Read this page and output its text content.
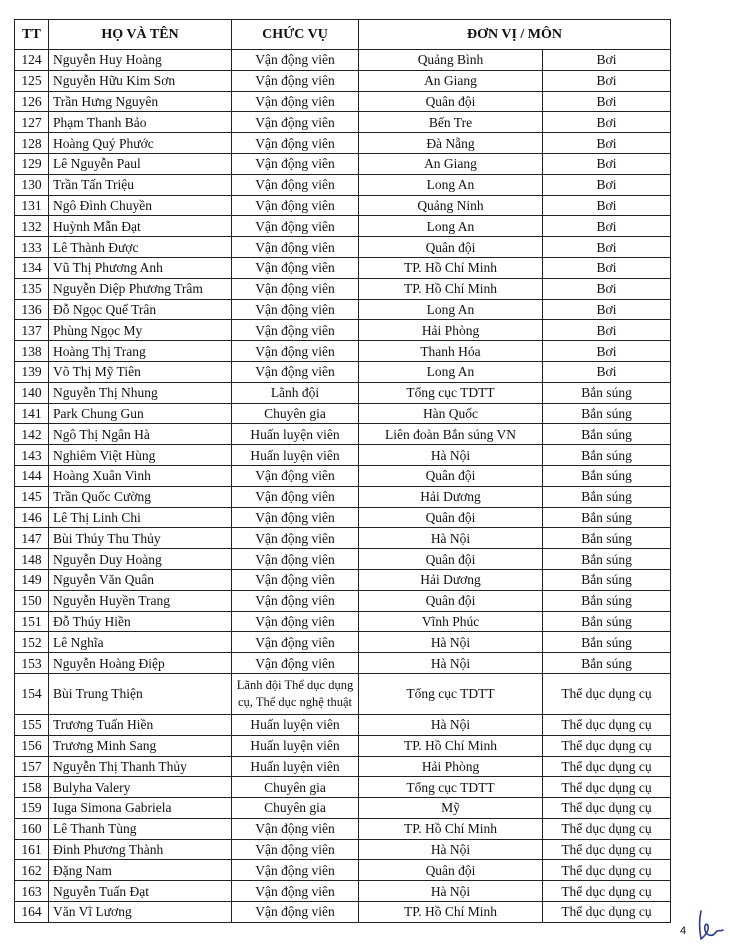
TT	HỌ VÀ TÊN	CHỨC VỤ	ĐƠN VỊ / MÔN	
124	Nguyễn Huy Hoàng	Vận động viên	Quảng Bình	Bơi
125	Nguyễn Hữu Kim Sơn	Vận động viên	An Giang	Bơi
126	Trần Hưng Nguyên	Vận động viên	Quân đội	Bơi
127	Phạm Thanh Bảo	Vận động viên	Bến Tre	Bơi
128	Hoàng Quý Phước	Vận động viên	Đà Nẵng	Bơi
129	Lê Nguyễn Paul	Vận động viên	An Giang	Bơi
130	Trần Tấn Triệu	Vận động viên	Long An	Bơi
131	Ngô Đình Chuyền	Vận động viên	Quảng Ninh	Bơi
132	Huỳnh Mẫn Đạt	Vận động viên	Long An	Bơi
133	Lê Thành Được	Vận động viên	Quân đội	Bơi
134	Vũ Thị Phương Anh	Vận động viên	TP. Hồ Chí Minh	Bơi
135	Nguyễn Diệp Phương Trâm	Vận động viên	TP. Hồ Chí Minh	Bơi
136	Đỗ Ngọc Quế Trân	Vận động viên	Long An	Bơi
137	Phùng Ngọc My	Vận động viên	Hải Phòng	Bơi
138	Hoàng Thị Trang	Vận động viên	Thanh Hóa	Bơi
139	Võ Thị Mỹ Tiên	Vận động viên	Long An	Bơi
140	Nguyễn Thị Nhung	Lãnh đội	Tổng cục TDTT	Bắn súng
141	Park Chung Gun	Chuyên gia	Hàn Quốc	Bắn súng
142	Ngô Thị Ngân Hà	Huấn luyện viên	Liên đoàn Bắn súng VN	Bắn súng
143	Nghiêm Việt Hùng	Huấn luyện viên	Hà Nội	Bắn súng
144	Hoàng Xuân Vinh	Vận động viên	Quân đội	Bắn súng
145	Trần Quốc Cường	Vận động viên	Hải Dương	Bắn súng
146	Lê Thị Linh Chi	Vận động viên	Quân đội	Bắn súng
147	Bùi Thúy Thu Thủy	Vận động viên	Hà Nội	Bắn súng
148	Nguyễn Duy Hoàng	Vận động viên	Quân đội	Bắn súng
149	Nguyễn Văn Quân	Vận động viên	Hải Dương	Bắn súng
150	Nguyễn Huyền Trang	Vận động viên	Quân đội	Bắn súng
151	Đỗ Thúy Hiền	Vận động viên	Vĩnh Phúc	Bắn súng
152	Lê Nghĩa	Vận động viên	Hà Nội	Bắn súng
153	Nguyễn Hoàng Điệp	Vận động viên	Hà Nội	Bắn súng
154	Bùi Trung Thiện	Lãnh đội Thể dục dụng cụ, Thể dục nghệ thuật	Tổng cục TDTT	Thể dục dụng cụ
155	Trương Tuấn Hiền	Huấn luyện viên	Hà Nội	Thể dục dụng cụ
156	Trương Minh Sang	Huấn luyện viên	TP. Hồ Chí Minh	Thể dục dụng cụ
157	Nguyễn Thị Thanh Thủy	Huấn luyện viên	Hải Phòng	Thể dục dụng cụ
158	Bulyha Valery	Chuyên gia	Tổng cục TDTT	Thể dục dụng cụ
159	Iuga Simona Gabriela	Chuyên gia	Mỹ	Thể dục dụng cụ
160	Lê Thanh Tùng	Vận động viên	TP. Hồ Chí Minh	Thể dục dụng cụ
161	Đinh Phương Thành	Vận động viên	Hà Nội	Thể dục dụng cụ
162	Đặng Nam	Vận động viên	Quân đội	Thể dục dụng cụ
163	Nguyễn Tuấn Đạt	Vận động viên	Hà Nội	Thể dục dụng cụ
164	Văn Vĩ Lương	Vận động viên	TP. Hồ Chí Minh	Thể dục dụng cụ
4
